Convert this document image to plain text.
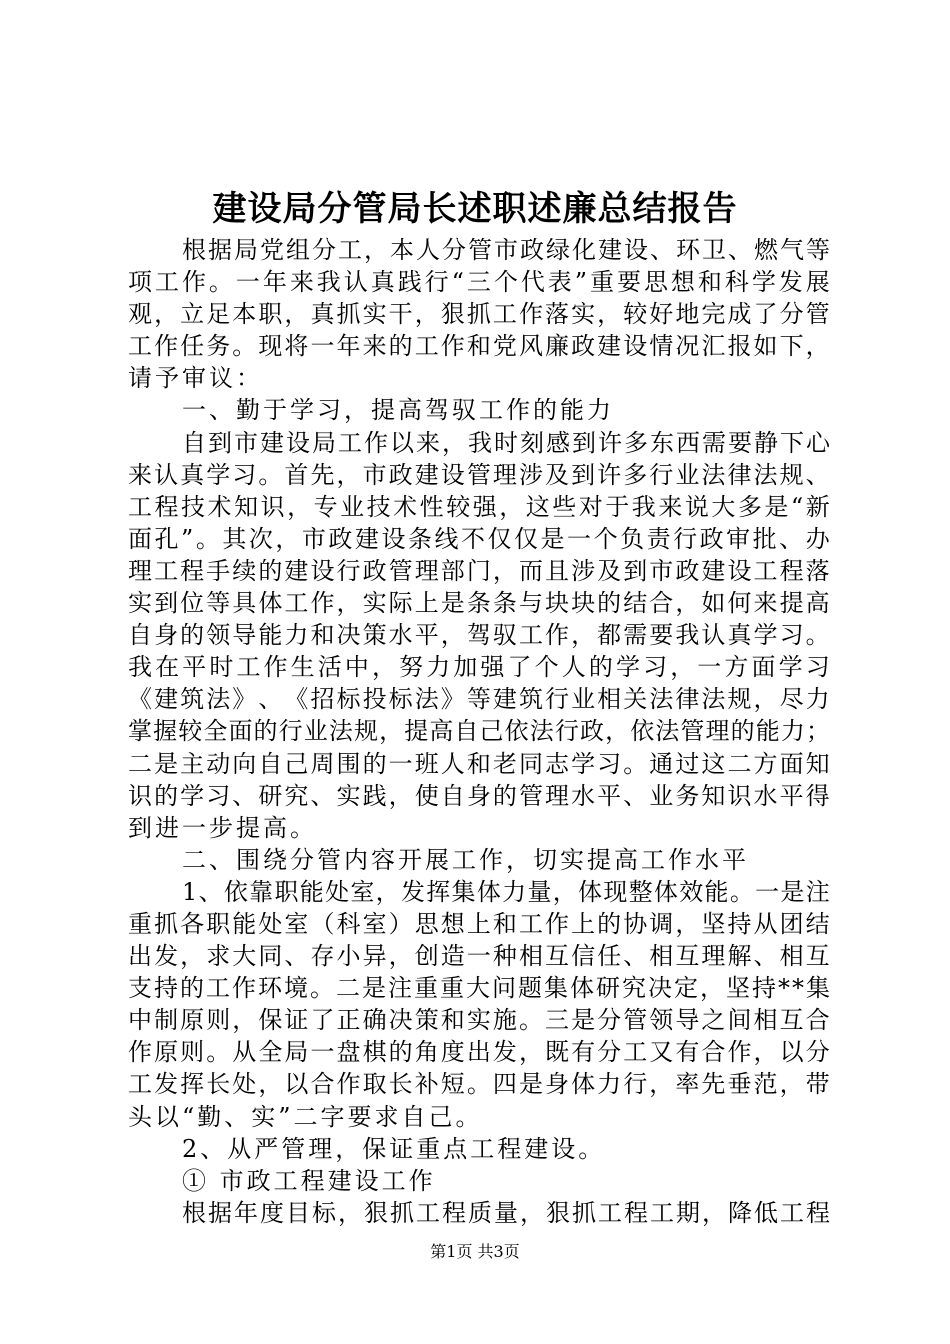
建设局分管局长述职述廉总结报告
根 据 局 党 组 分 工 ， 本 人 分 管 市 政 绿 化 建 设 、 环 卫 、 燃 气 等
项 工 作 。 一 年 来 我 认 真 践 行 “ 三 个 代 表 ” 重 要 思 想 和 科 学 发 展
观 ， 立 足 本 职 ， 真 抓 实 干 ， 狠 抓 工 作 落 实 ， 较 好 地 完 成 了 分 管
工 作 任 务 。 现 将 一 年 来 的 工 作 和 党 风 廉 政 建 设 情 况 汇 报 如 下 ，
请予审议：
一、勤于学习，提高驾驭工作的能力
自 到 市 建 设 局 工 作 以 来 ， 我 时 刻 感 到 许 多 东 西 需 要 静 下 心
来 认 真 学 习 。 首 先 ， 市 政 建 设 管 理 涉 及 到 许 多 行 业 法 律 法 规 、
工 程 技 术 知 识 ， 专 业 技 术 性 较 强 ， 这 些 对 于 我 来 说 大 多 是 “ 新
面 孔 ” 。 其 次 ， 市 政 建 设 条 线 不 仅 仅 是 一 个 负 责 行 政 审 批 、 办
理 工 程 手 续 的 建 设 行 政 管 理 部 门 ， 而 且 涉 及 到 市 政 建 设 工 程 落
实 到 位 等 具 体 工 作 ， 实 际 上 是 条 条 与 块 块 的 结 合 ， 如 何 来 提 高
自 身 的 领 导 能 力 和 决 策 水 平 ， 驾 驭 工 作 ， 都 需 要 我 认 真 学 习 。
我 在 平 时 工 作 生 活 中 ， 努 力 加 强 了 个 人 的 学 习 ， 一 方 面 学 习
《 建 筑 法 》 、 《 招 标 投 标 法 》 等 建 筑 行 业 相 关 法 律 法 规 ， 尽 力
掌 握 较 全 面 的 行 业 法 规 ， 提 高 自 己 依 法 行 政 ， 依 法 管 理 的 能 力 ；
二 是 主 动 向 自 己 周 围 的 一 班 人 和 老 同 志 学 习 。 通 过 这 二 方 面 知
识 的 学 习 、 研 究 、 实 践 ， 使 自 身 的 管 理 水 平 、 业 务 知 识 水 平 得
到进一步提高。
二、围绕分管内容开展工作，切实提高工作水平
1 、 依 靠 职 能 处 室 ， 发 挥 集 体 力 量 ， 体 现 整 体 效 能 。 一 是 注
重 抓 各 职 能 处 室 （ 科 室 ） 思 想 上 和 工 作 上 的 协 调 ， 坚 持 从 团 结
出 发 ， 求 大 同 、 存 小 异 ， 创 造 一 种 相 互 信 任 、 相 互 理 解 、 相 互
支 持 的 工 作 环 境 。 二 是 注 重 重 大 问 题 集 体 研 究 决 定 ， 坚 持 * * 集
中 制 原 则 ， 保 证 了 正 确 决 策 和 实 施 。 三 是 分 管 领 导 之 间 相 互 合
作 原 则 。 从 全 局 一 盘 棋 的 角 度 出 发 ， 既 有 分 工 又 有 合 作 ， 以 分
工 发 挥 长 处 ， 以 合 作 取 长 补 短 。 四 是 身 体 力 行 ， 率 先 垂 范 ， 带
头以“勤、实”二字要求自己。
2、从严管理，保证重点工程建设。
① 市政工程建设工作
根 据 年 度 目 标 ， 狠 抓 工 程 质 量 ， 狠 抓 工 程 工 期 ， 降 低 工 程
第1页 共3页
